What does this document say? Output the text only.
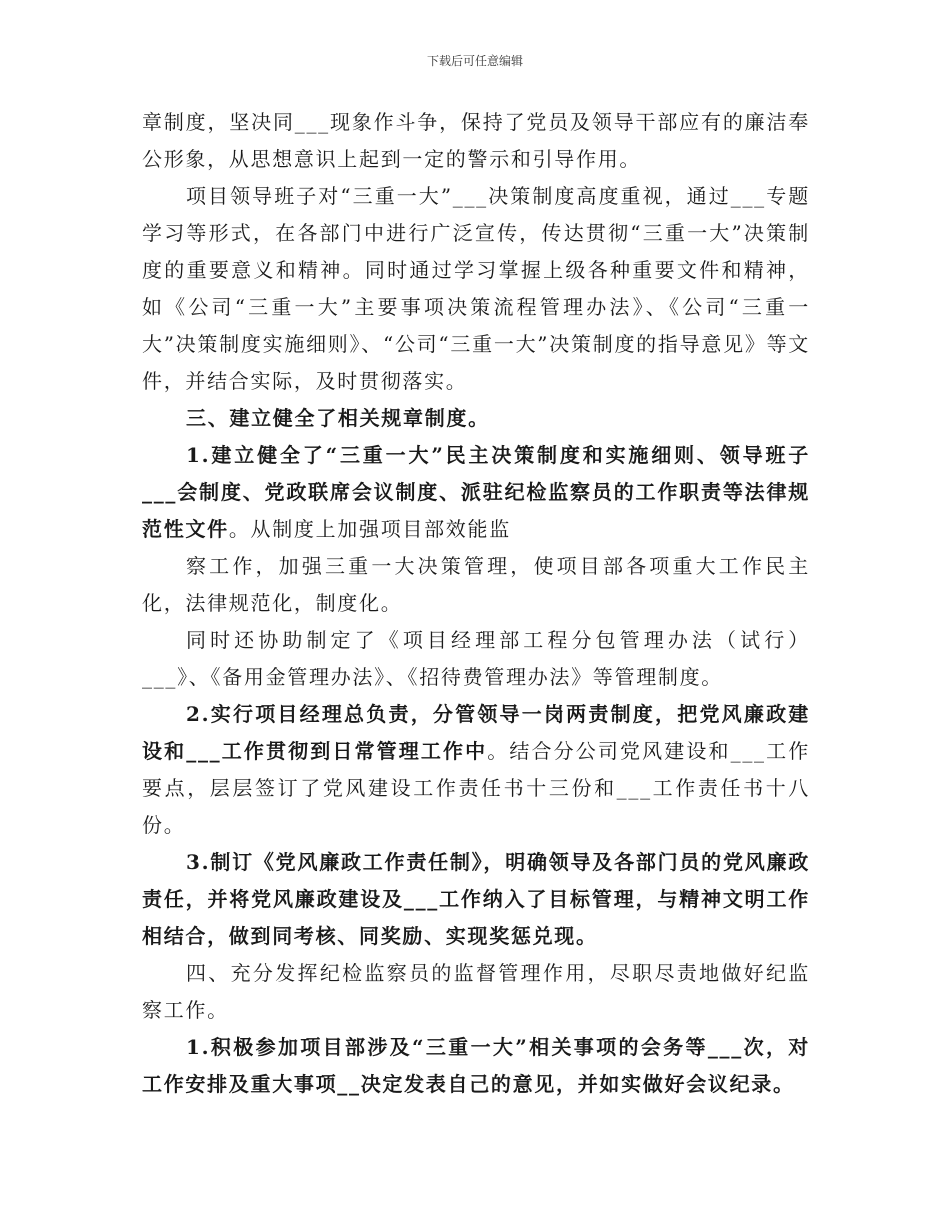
下载后可任意编辑

章制度，坚决同___现象作斗争，保持了党员及领导干部应有的廉洁奉公形象，从思想意识上起到一定的警示和引导作用。

项目领导班子对“三重一大”___决策制度高度重视，通过___专题学习等形式，在各部门中进行广泛宣传，传达贯彻“三重一大”决策制度的重要意义和精神。同时通过学习掌握上级各种重要文件和精神，如《公司“三重一大”主要事项决策流程管理办法》、《公司“三重一大”决策制度实施细则》、“公司“三重一大”决策制度的指导意见》等文件，并结合实际，及时贯彻落实。

三、建立健全了相关规章制度。

1.建立健全了“三重一大”民主决策制度和实施细则、领导班子___会制度、党政联席会议制度、派驻纪检监察员的工作职责等法律规范性文件。从制度上加强项目部效能监

察工作，加强三重一大决策管理，使项目部各项重大工作民主化，法律规范化，制度化。

同时还协助制定了《项目经理部工程分包管理办法（试行）___》、《备用金管理办法》、《招待费管理办法》等管理制度。

2.实行项目经理总负责，分管领导一岗两责制度，把党风廉政建设和___工作贯彻到日常管理工作中。结合分公司党风建设和___工作要点，层层签订了党风建设工作责任书十三份和___工作责任书十八份。

3.制订《党风廉政工作责任制》，明确领导及各部门员的党风廉政责任，并将党风廉政建设及___工作纳入了目标管理，与精神文明工作相结合，做到同考核、同奖励、实现奖惩兑现。

四、充分发挥纪检监察员的监督管理作用，尽职尽责地做好纪监察工作。

1.积极参加项目部涉及“三重一大”相关事项的会务等___次，对工作安排及重大事项__决定发表自己的意见，并如实做好会议纪录。
